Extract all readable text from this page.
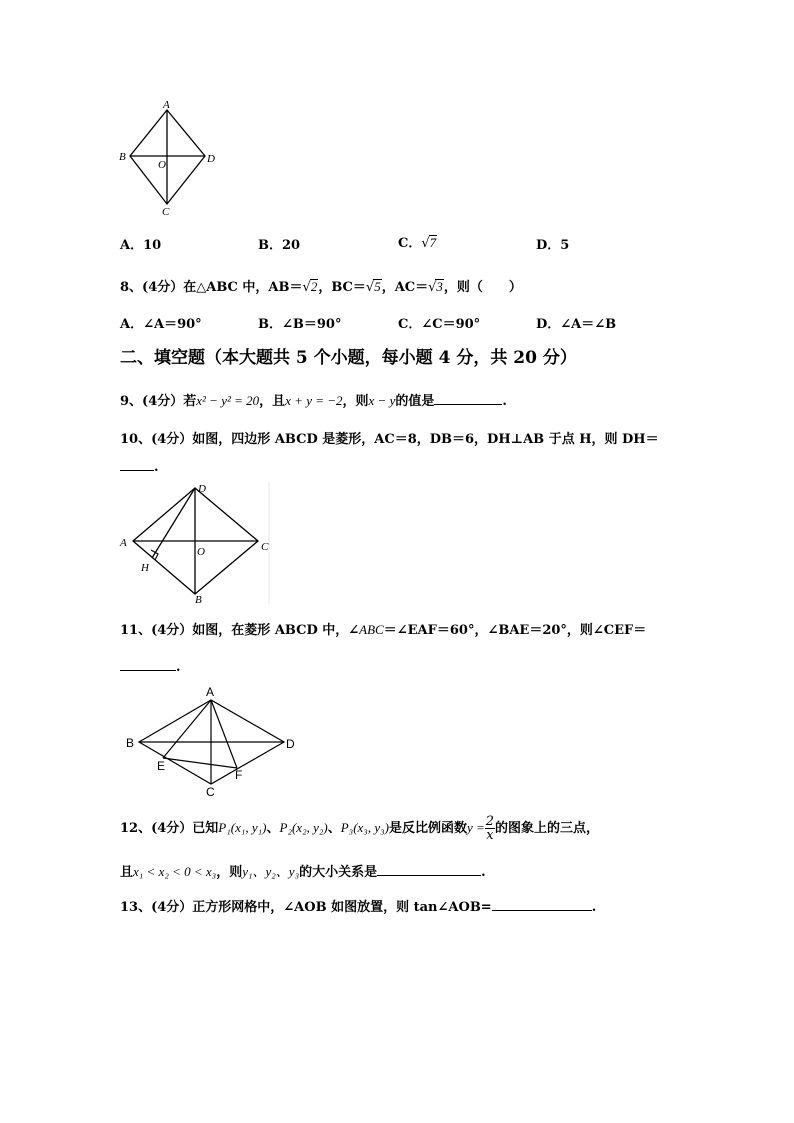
A
B
O	D
C
A．10	B．20	C．√7	D．5
8、(4分）在△ABC 中，AB＝√2，BC＝√5，AC＝√3，则（　　）
A．∠A＝90°	B．∠B＝90°	C．∠C＝90°	D．∠A＝∠B
二、填空题（本大题共 5 个小题，每小题 4 分，共 20 分）
9、(4分）若x² − y² = 20，且x + y = −2，则x − y的值是	.
10、(4分）如图，四边形 ABCD 是菱形，AC＝8，DB＝6，DH⊥AB 于点 H，则 DH＝
.
D
A
O	C
H
B
11、(4分）如图，在菱形 ABCD 中，∠ABC＝∠EAF＝60°，∠BAE＝20°，则∠CEF＝
.
A
B	D
E
F
C
12、(4分）已知P₁(x₁, y₁)、P₂(x₂, y₂)、P₃(x₃, y₃)是反比例函数$y = \frac{2}{x}$ 的图象上的三点，
且x₁ < x₂ < 0 < x₃，则y₁、y₂、y₃的大小关系是	.
13、(4分）正方形网格中，∠AOB 如图放置，则 tan∠AOB=	.
